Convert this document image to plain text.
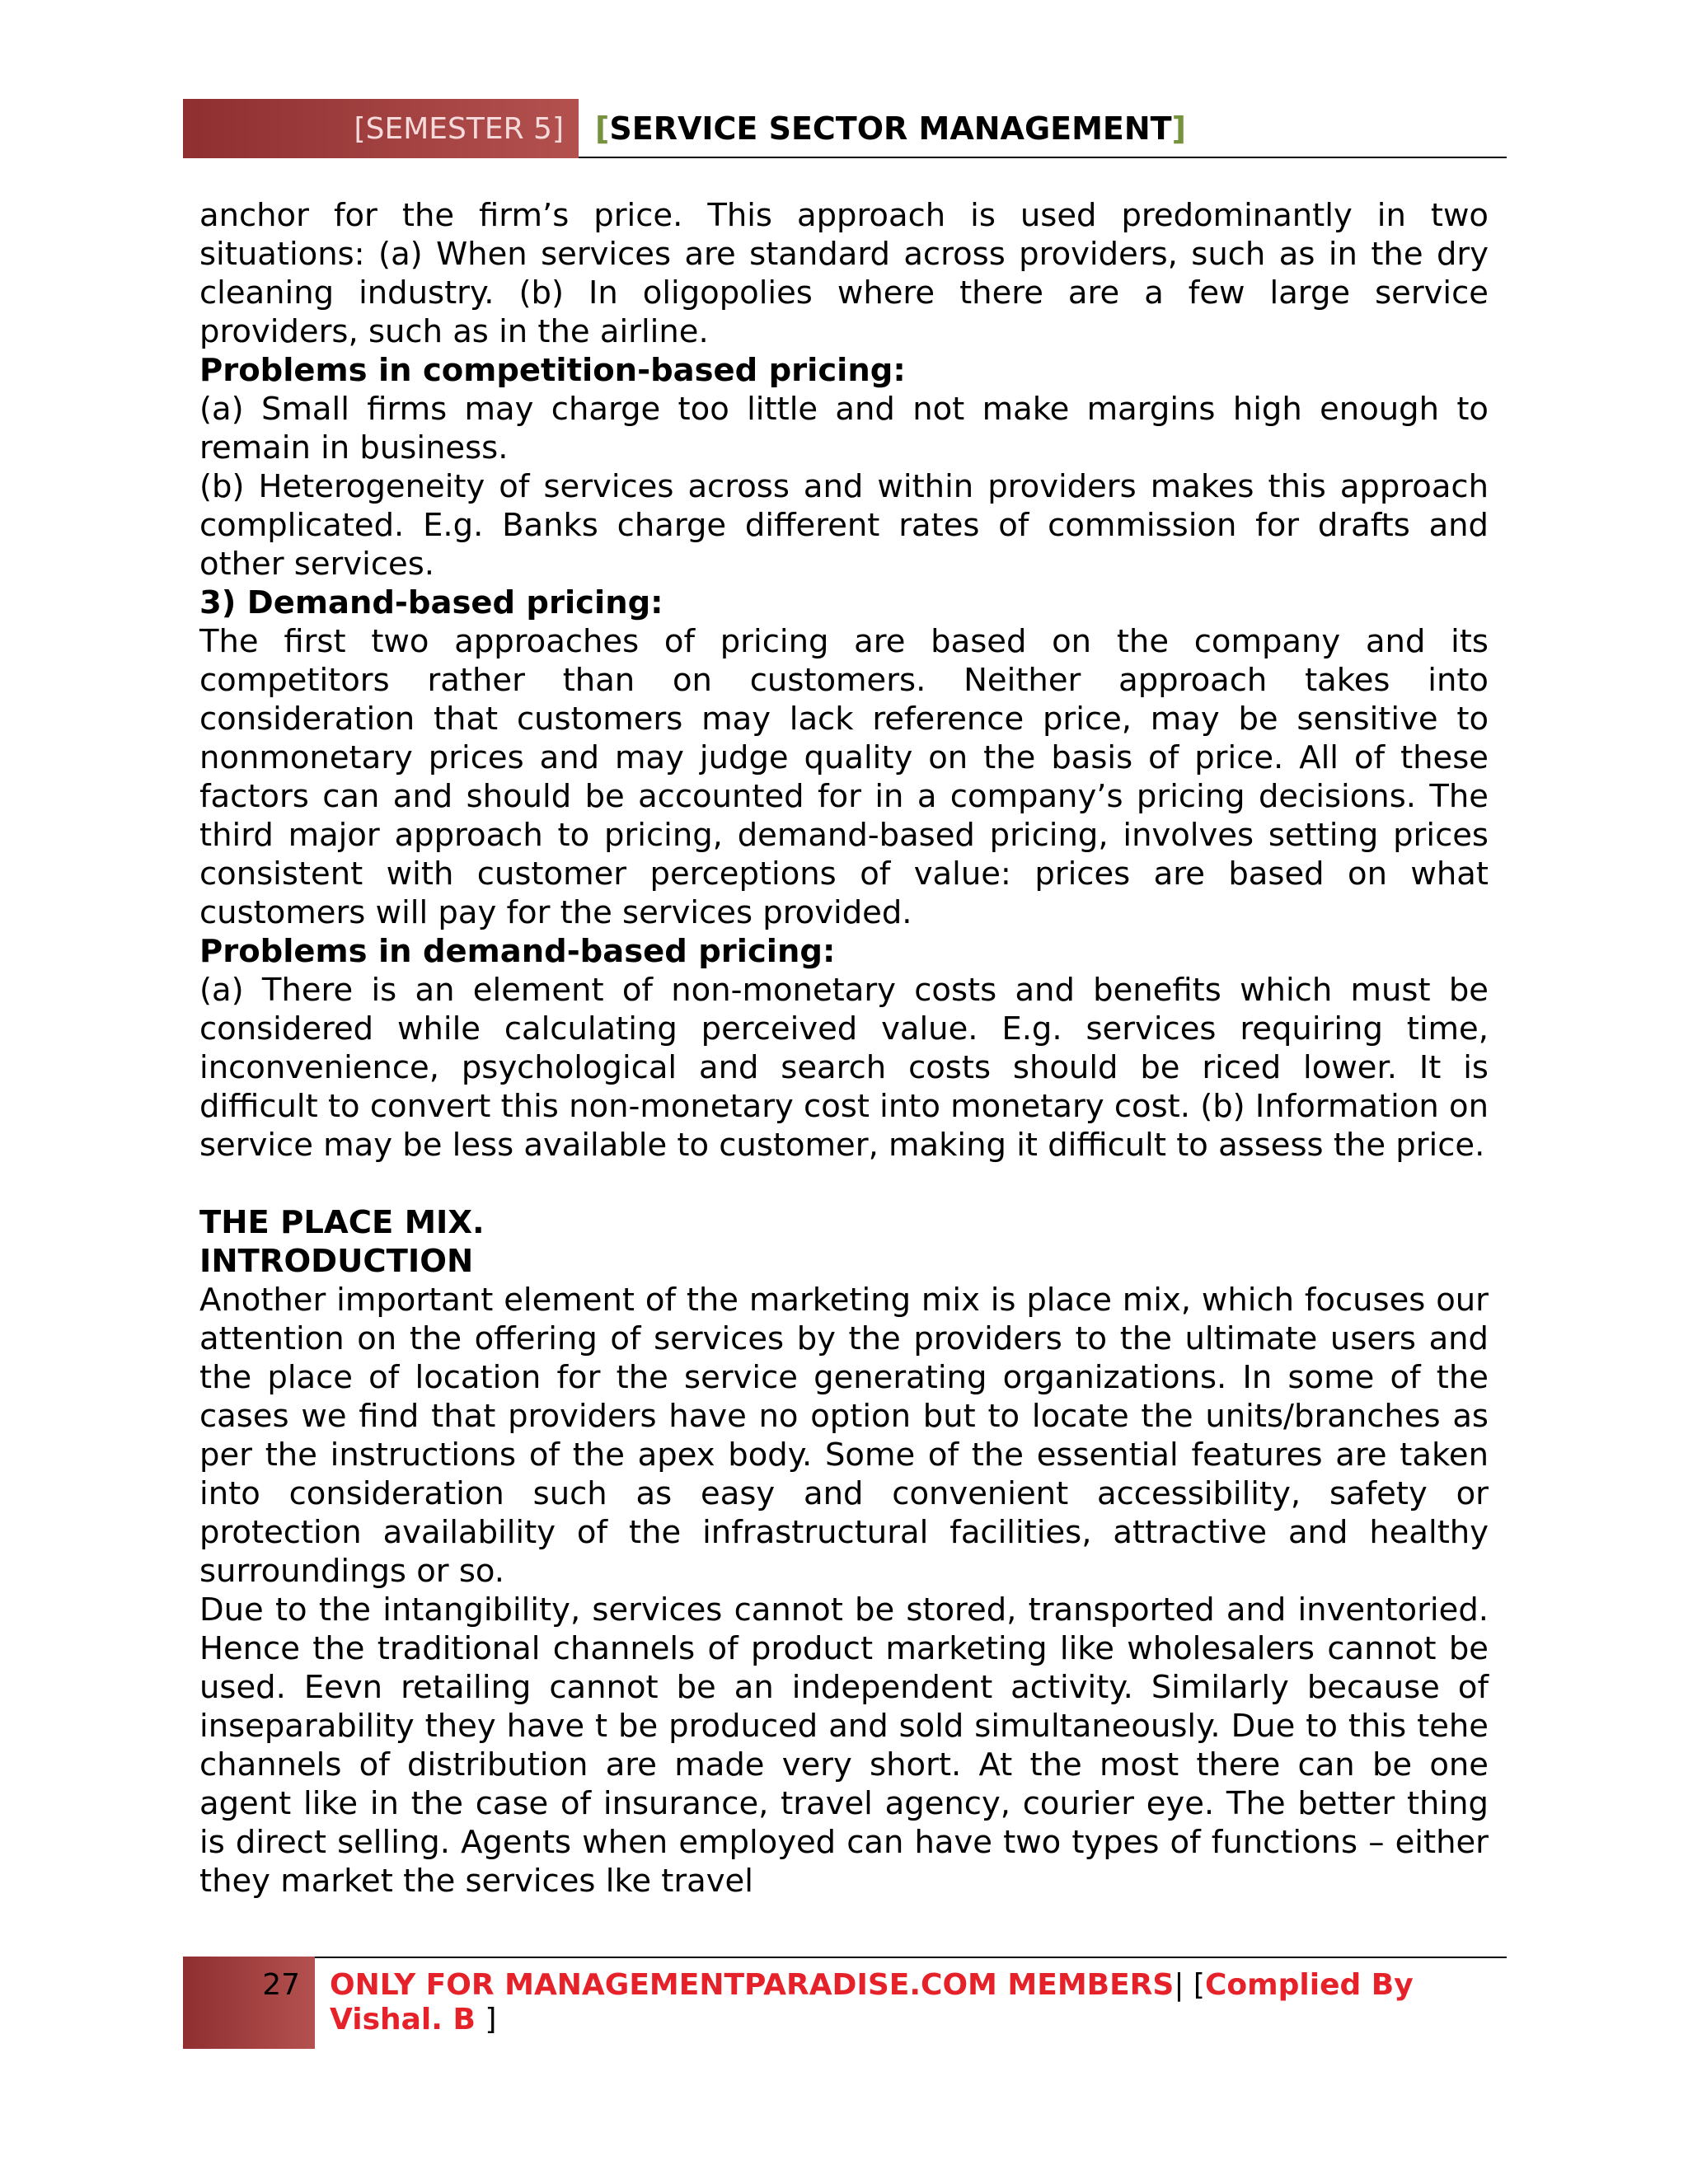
[SEMESTER 5] [SERVICE SECTOR MANAGEMENT]

anchor for the firm’s price. This approach is used predominantly in two situations: (a) When services are standard across providers, such as in the dry cleaning industry. (b) In oligopolies where there are a few large service providers, such as in the airline.

Problems in competition-based pricing:

(a) Small firms may charge too little and not make margins high enough to remain in business.

(b) Heterogeneity of services across and within providers makes this approach complicated. E.g. Banks charge different rates of commission for drafts and other services.

3) Demand-based pricing:

The first two approaches of pricing are based on the company and its competitors rather than on customers. Neither approach takes into consideration that customers may lack reference price, may be sensitive to nonmonetary prices and may judge quality on the basis of price. All of these factors can and should be accounted for in a company’s pricing decisions. The third major approach to pricing, demand-based pricing, involves setting prices consistent with customer perceptions of value: prices are based on what customers will pay for the services provided.

Problems in demand-based pricing:

(a) There is an element of non-monetary costs and benefits which must be considered while calculating perceived value. E.g. services requiring time, inconvenience, psychological and search costs should be riced lower. It is difficult to convert this non-monetary cost into monetary cost. (b) Information on service may be less available to customer, making it difficult to assess the price.

THE PLACE MIX.

INTRODUCTION

Another important element of the marketing mix is place mix, which focuses our attention on the offering of services by the providers to the ultimate users and the place of location for the service generating organizations. In some of the cases we find that providers have no option but to locate the units/branches as per the instructions of the apex body. Some of the essential features are taken into consideration such as easy and convenient accessibility, safety or protection availability of the infrastructural facilities, attractive and healthy surroundings or so.

Due to the intangibility, services cannot be stored, transported and inventoried. Hence the traditional channels of product marketing like wholesalers cannot be used. Eevn retailing cannot be an independent activity. Similarly because of inseparability they have t be produced and sold simultaneously. Due to this tehe channels of distribution are made very short. At the most there can be one agent like in the case of insurance, travel agency, courier eye. The better thing is direct selling. Agents when employed can have two types of functions – either they market the services lke travel

27 ONLY FOR MANAGEMENTPARADISE.COM MEMBERS| [Complied By Vishal. B ]
